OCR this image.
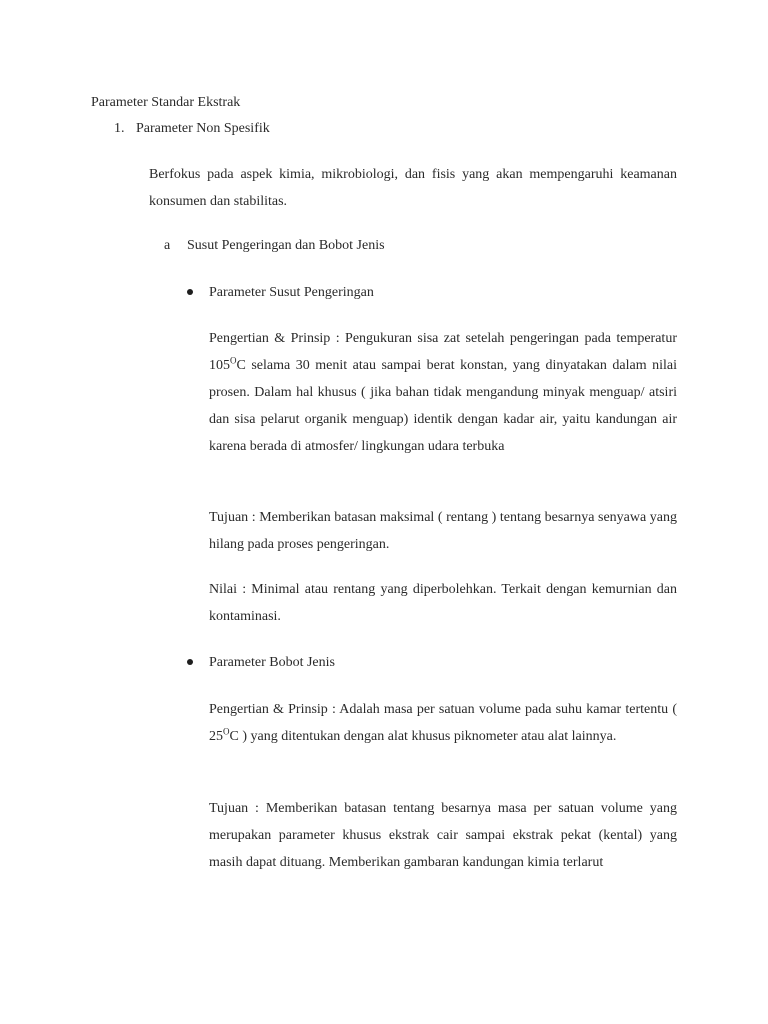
Parameter Standar Ekstrak
1. Parameter Non Spesifik
Berfokus pada aspek kimia, mikrobiologi, dan fisis yang akan mempengaruhi keamanan konsumen dan stabilitas.
a Susut Pengeringan dan Bobot Jenis
Parameter Susut Pengeringan
Pengertian & Prinsip : Pengukuran sisa zat setelah pengeringan pada temperatur $105^OC$ selama 30 menit atau sampai berat konstan, yang dinyatakan dalam nilai prosen. Dalam hal khusus ( jika bahan tidak mengandung minyak menguap/ atsiri dan sisa pelarut organik menguap) identik dengan kadar air, yaitu kandungan air karena berada di atmosfer/ lingkungan udara terbuka
Tujuan : Memberikan batasan maksimal ( rentang ) tentang besarnya senyawa yang hilang pada proses pengeringan.
Nilai : Minimal atau rentang yang diperbolehkan. Terkait dengan kemurnian dan kontaminasi.
Parameter Bobot Jenis
Pengertian & Prinsip : Adalah masa per satuan volume pada suhu kamar tertentu ( $25^OC$ ) yang ditentukan dengan alat khusus piknometer atau alat lainnya.
Tujuan : Memberikan batasan tentang besarnya masa per satuan volume yang merupakan parameter khusus ekstrak cair sampai ekstrak pekat (kental) yang masih dapat dituang. Memberikan gambaran kandungan kimia terlarut
